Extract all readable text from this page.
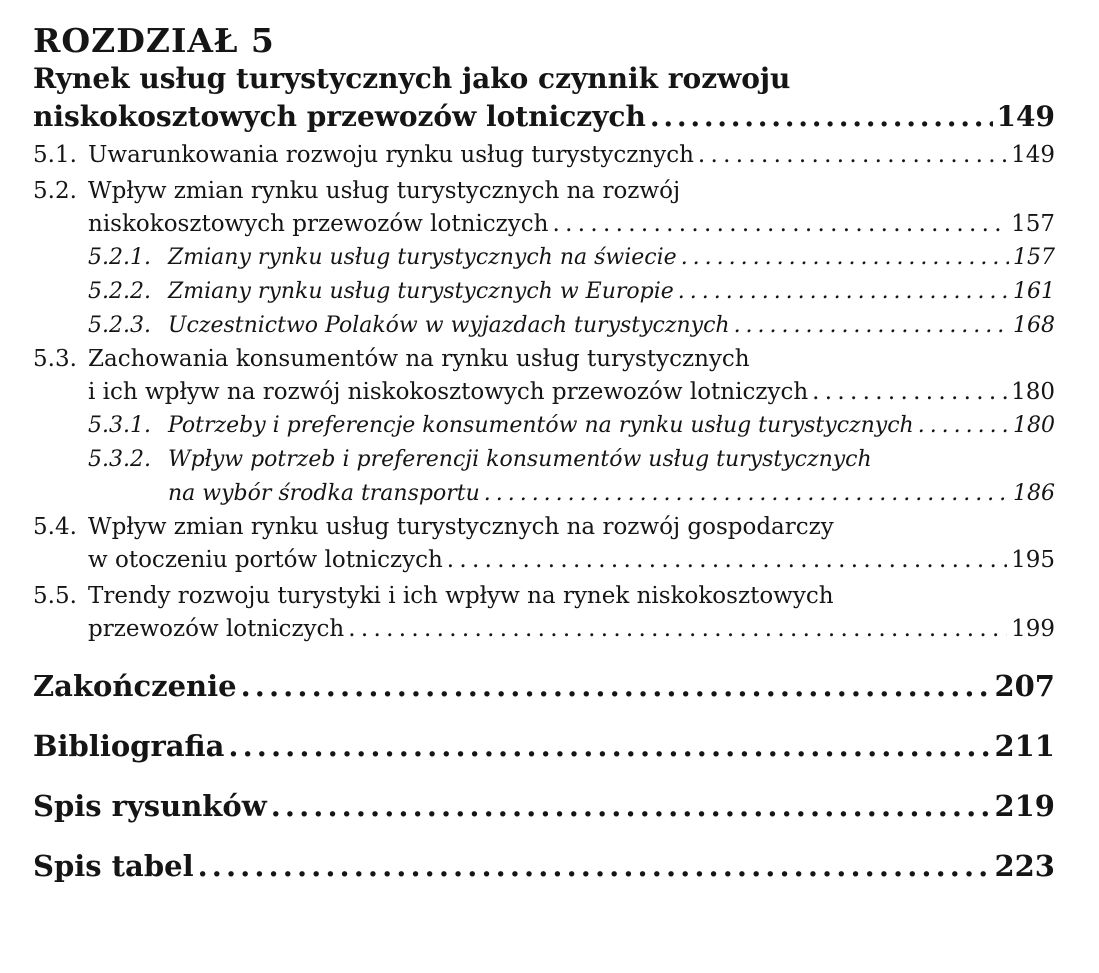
ROZDZIAŁ 5

Rynek usług turystycznych jako czynnik rozwoju
niskokosztowych przewozów lotniczych . . .	149
5.1. Uwarunkowania rozwoju rynku usług turystycznych . . .	149
5.2. Wpływ zmian rynku usług turystycznych na rozwój
niskokosztowych przewozów lotniczych . . .	157
5.2.1. Zmiany rynku usług turystycznych na świecie . . .	157
5.2.2. Zmiany rynku usług turystycznych w Europie . . .	161
5.2.3. Uczestnictwo Polaków w wyjazdach turystycznych . . .	168
5.3. Zachowania konsumentów na rynku usług turystycznych
i ich wpływ na rozwój niskokosztowych przewozów lotniczych . . .	180
5.3.1. Potrzeby i preferencje konsumentów na rynku usług turystycznych . . .	180
5.3.2. Wpływ potrzeb i preferencji konsumentów usług turystycznych
na wybór środka transportu . . .	186
5.4. Wpływ zmian rynku usług turystycznych na rozwój gospodarczy
w otoczeniu portów lotniczych . . .	195
5.5. Trendy rozwoju turystyki i ich wpływ na rynek niskokosztowych
przewozów lotniczych . . .	199
Zakończenie . . .	207
Bibliografia . . .	211
Spis rysunków . . .	219
Spis tabel . . .	223
